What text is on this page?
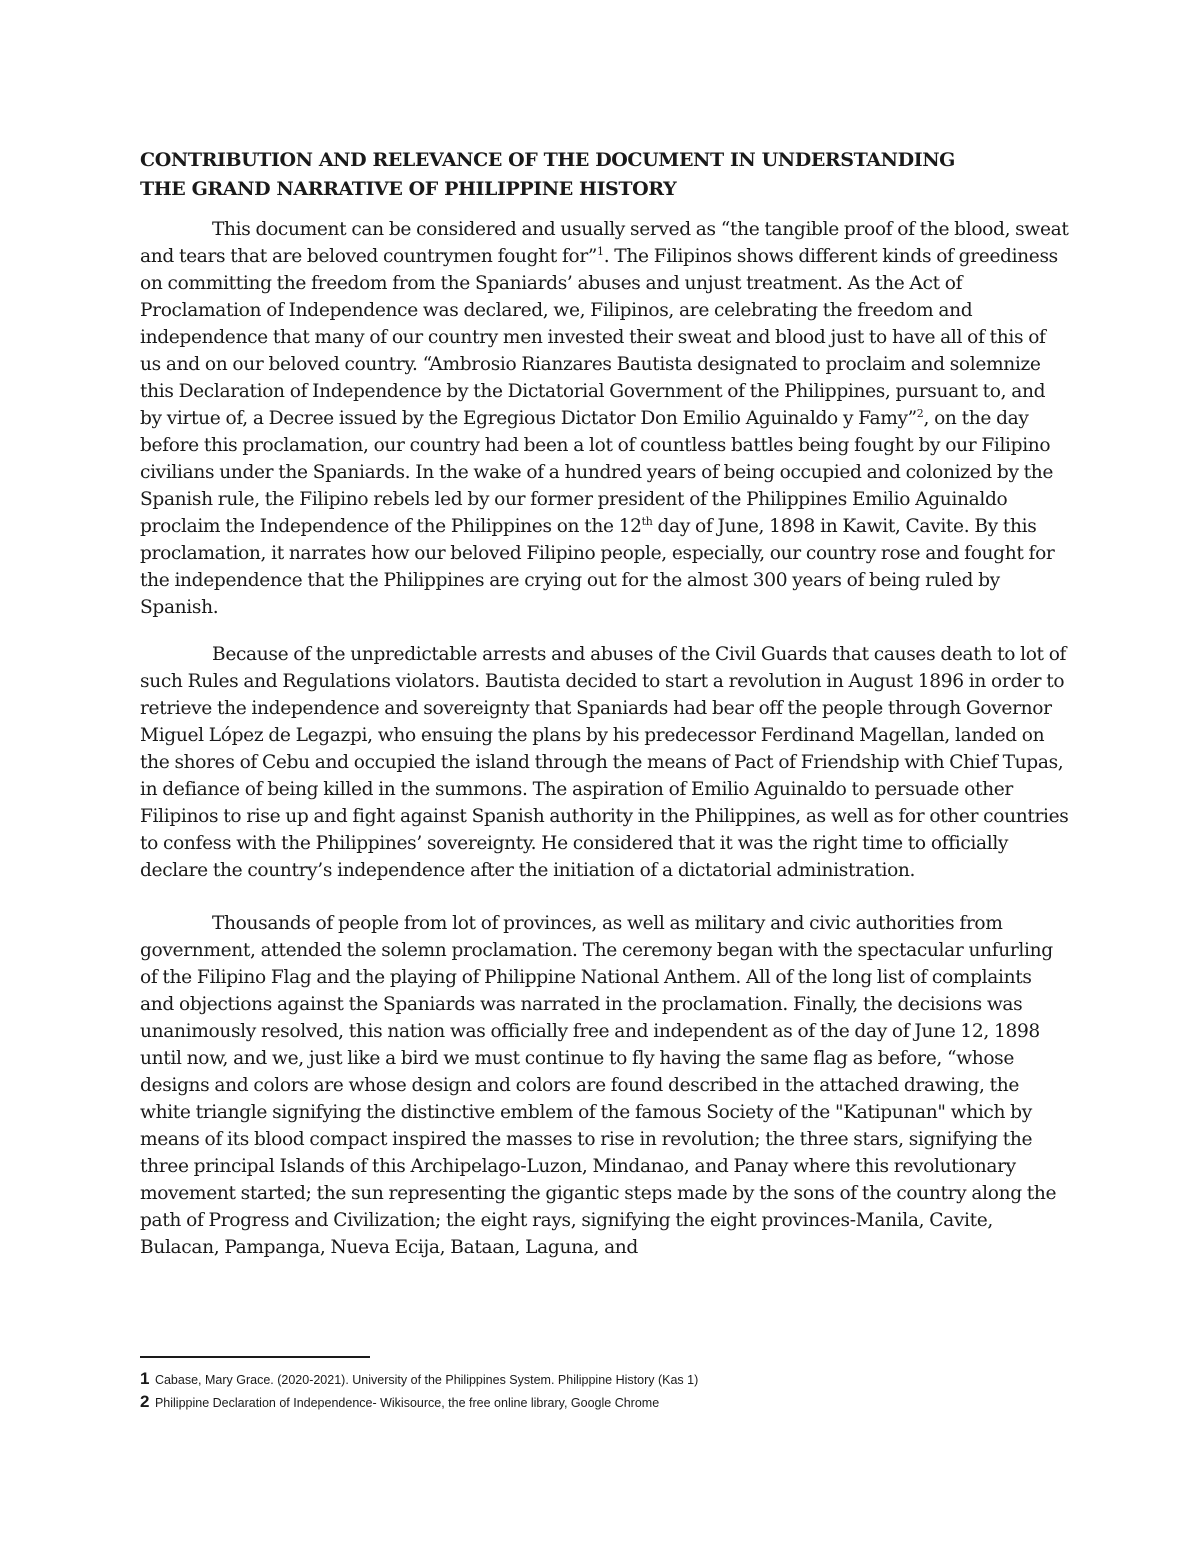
CONTRIBUTION AND RELEVANCE OF THE DOCUMENT IN UNDERSTANDING
THE GRAND NARRATIVE OF PHILIPPINE HISTORY

This document can be considered and usually served as “the tangible proof of the blood, sweat and tears that are beloved countrymen fought for”$^1$. The Filipinos shows different kinds of greediness on committing the freedom from the Spaniards’ abuses and unjust treatment. As the Act of Proclamation of Independence was declared, we, Filipinos, are celebrating the freedom and independence that many of our country men invested their sweat and blood just to have all of this of us and on our beloved country. “Ambrosio Rianzares Bautista designated to proclaim and solemnize this Declaration of Independence by the Dictatorial Government of the Philippines, pursuant to, and by virtue of, a Decree issued by the Egregious Dictator Don Emilio Aguinaldo y Famy”$^2$, on the day before this proclamation, our country had been a lot of countless battles being fought by our Filipino civilians under the Spaniards. In the wake of a hundred years of being occupied and colonized by the Spanish rule, the Filipino rebels led by our former president of the Philippines Emilio Aguinaldo proclaim the Independence of the Philippines on the 12th day of June, 1898 in Kawit, Cavite. By this proclamation, it narrates how our beloved Filipino people, especially, our country rose and fought for the independence that the Philippines are crying out for the almost 300 years of being ruled by Spanish.

Because of the unpredictable arrests and abuses of the Civil Guards that causes death to lot of such Rules and Regulations violators. Bautista decided to start a revolution in August 1896 in order to retrieve the independence and sovereignty that Spaniards had bear off the people through Governor Miguel López de Legazpi, who ensuing the plans by his predecessor Ferdinand Magellan, landed on the shores of Cebu and occupied the island through the means of Pact of Friendship with Chief Tupas, in defiance of being killed in the summons. The aspiration of Emilio Aguinaldo to persuade other Filipinos to rise up and fight against Spanish authority in the Philippines, as well as for other countries to confess with the Philippines’ sovereignty. He considered that it was the right time to officially declare the country’s independence after the initiation of a dictatorial administration.

Thousands of people from lot of provinces, as well as military and civic authorities from government, attended the solemn proclamation. The ceremony began with the spectacular unfurling of the Filipino Flag and the playing of Philippine National Anthem. All of the long list of complaints and objections against the Spaniards was narrated in the proclamation. Finally, the decisions was unanimously resolved, this nation was officially free and independent as of the day of June 12, 1898 until now, and we, just like a bird we must continue to fly having the same flag as before, “whose designs and colors are whose design and colors are found described in the attached drawing, the white triangle signifying the distinctive emblem of the famous Society of the "Katipunan" which by means of its blood compact inspired the masses to rise in revolution; the three stars, signifying the three principal Islands of this Archipelago-Luzon, Mindanao, and Panay where this revolutionary movement started; the sun representing the gigantic steps made by the sons of the country along the path of Progress and Civilization; the eight rays, signifying the eight provinces-Manila, Cavite, Bulacan, Pampanga, Nueva Ecija, Bataan, Laguna, and

1 Cabase, Mary Grace. (2020-2021). University of the Philippines System. Philippine History (Kas 1)
2 Philippine Declaration of Independence- Wikisource, the free online library, Google Chrome
